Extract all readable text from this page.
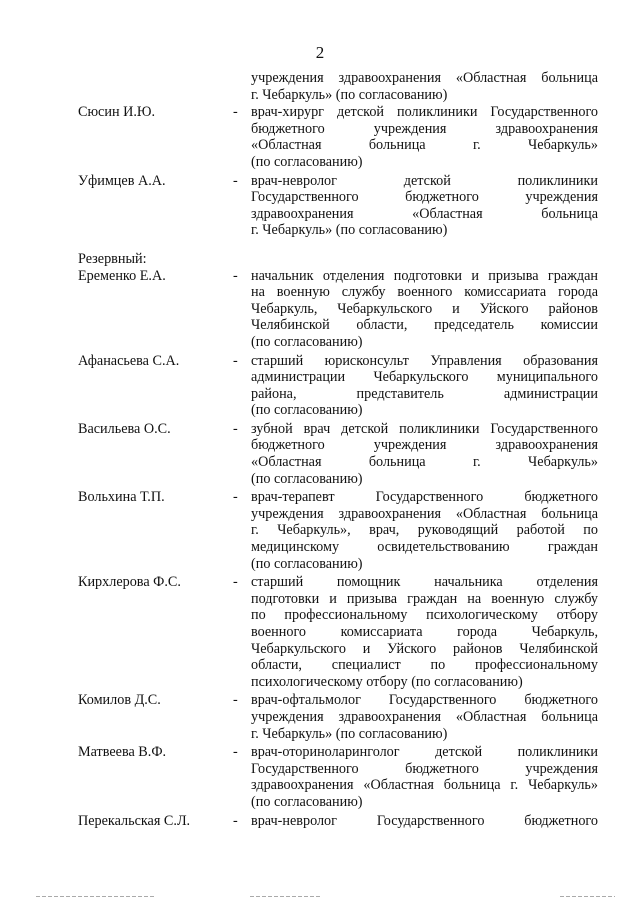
2
учреждения здравоохранения «Областная больница
г. Чебаркуль» (по согласованию)
Сюсин И.Ю.	- врач-хирург детской поликлиники Государственного
бюджетного учреждения здравоохранения
«Областная больница г. Чебаркуль»
(по согласованию)
Уфимцев А.А.	- врач-невролог детской поликлиники
Государственного бюджетного учреждения
здравоохранения «Областная больница
г. Чебаркуль» (по согласованию)
Резервный:
Еременко Е.А.	- начальник отделения подготовки и призыва граждан
на военную службу военного комиссариата города
Чебаркуль, Чебаркульского и Уйского районов
Челябинской области, председатель комиссии
(по согласованию)
Афанасьева С.А.	- старший юрисконсульт Управления образования
администрации Чебаркульского муниципального
района, представитель администрации
(по согласованию)
Васильева О.С.	- зубной врач детской поликлиники Государственного
бюджетного учреждения здравоохранения
«Областная больница г. Чебаркуль»
(по согласованию)
Вольхина Т.П.	- врач-терапевт Государственного бюджетного
учреждения здравоохранения «Областная больница
г. Чебаркуль», врач, руководящий работой по
медицинскому освидетельствованию граждан
(по согласованию)
Кирхлерова Ф.С.	- старший помощник начальника отделения
подготовки и призыва граждан на военную службу
по профессиональному психологическому отбору
военного комиссариата города Чебаркуль,
Чебаркульского и Уйского районов Челябинской
области, специалист по профессиональному
психологическому отбору (по согласованию)
Комилов Д.С.	- врач-офтальмолог Государственного бюджетного
учреждения здравоохранения «Областная больница
г. Чебаркуль» (по согласованию)
Матвеева В.Ф.	- врач-оториноларинголог детской поликлиники
Государственного бюджетного учреждения
здравоохранения «Областная больница г. Чебаркуль»
(по согласованию)
Перекальская С.Л.	- врач-невролог Государственного бюджетного
